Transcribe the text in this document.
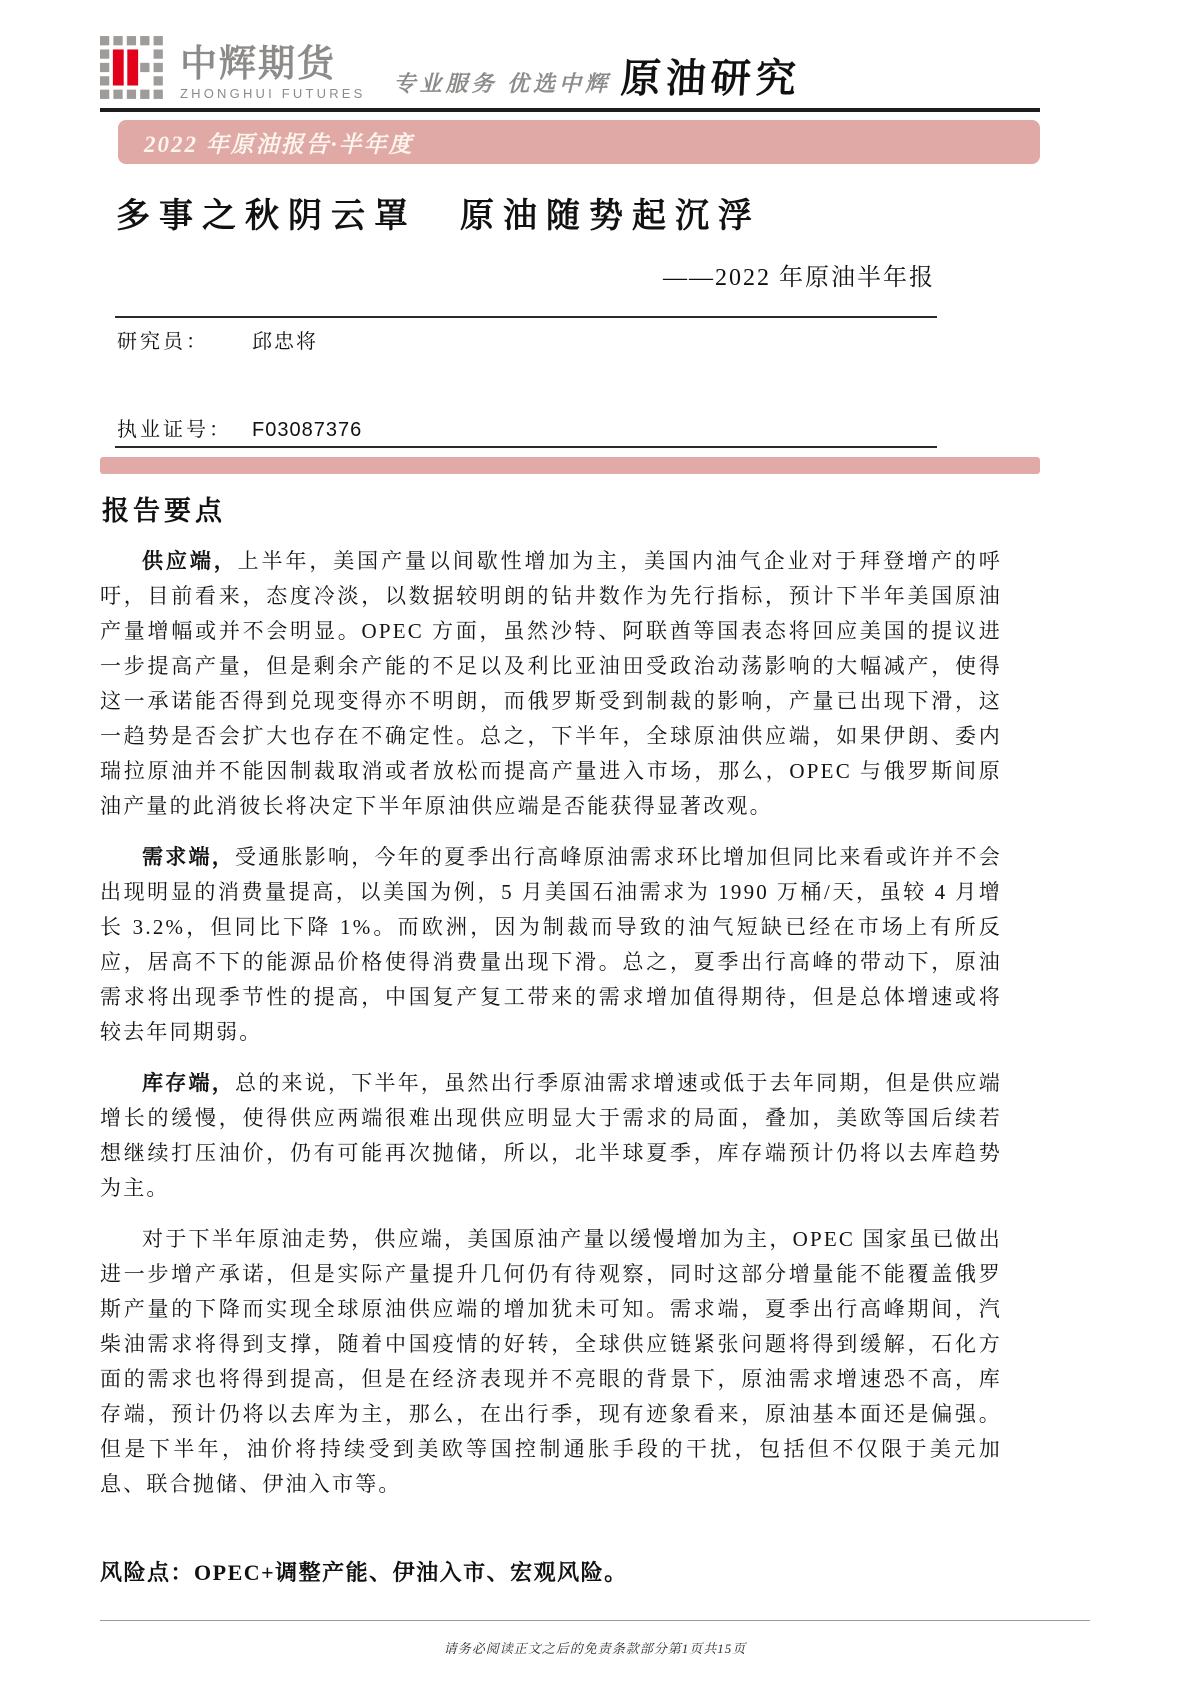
中辉期货
ZHONGHUI FUTURES 专业服务 优选中辉 原油研究
2022 年原油报告·半年度
多事之秋阴云罩　原油随势起沉浮
——2022 年原油半年报
研究员：	邱忠将
执业证号：	F03087376
报告要点

供应端，上半年，美国产量以间歇性增加为主，美国内油气企业对于拜登增产的呼吁，目前看来，态度冷淡，以数据较明朗的钻井数作为先行指标，预计下半年美国原油产量增幅或并不会明显。OPEC 方面，虽然沙特、阿联酋等国表态将回应美国的提议进一步提高产量，但是剩余产能的不足以及利比亚油田受政治动荡影响的大幅减产，使得这一承诺能否得到兑现变得亦不明朗，而俄罗斯受到制裁的影响，产量已出现下滑，这一趋势是否会扩大也存在不确定性。总之，下半年，全球原油供应端，如果伊朗、委内瑞拉原油并不能因制裁取消或者放松而提高产量进入市场，那么，OPEC 与俄罗斯间原油产量的此消彼长将决定下半年原油供应端是否能获得显著改观。

需求端，受通胀影响，今年的夏季出行高峰原油需求环比增加但同比来看或许并不会出现明显的消费量提高，以美国为例，5 月美国石油需求为 1990 万桶/天，虽较 4 月增长 3.2%，但同比下降 1%。而欧洲，因为制裁而导致的油气短缺已经在市场上有所反应，居高不下的能源品价格使得消费量出现下滑。总之，夏季出行高峰的带动下，原油需求将出现季节性的提高，中国复产复工带来的需求增加值得期待，但是总体增速或将较去年同期弱。

库存端，总的来说，下半年，虽然出行季原油需求增速或低于去年同期，但是供应端增长的缓慢，使得供应两端很难出现供应明显大于需求的局面，叠加，美欧等国后续若想继续打压油价，仍有可能再次抛储，所以，北半球夏季，库存端预计仍将以去库趋势为主。

对于下半年原油走势，供应端，美国原油产量以缓慢增加为主，OPEC 国家虽已做出进一步增产承诺，但是实际产量提升几何仍有待观察，同时这部分增量能不能覆盖俄罗斯产量的下降而实现全球原油供应端的增加犹未可知。需求端，夏季出行高峰期间，汽柴油需求将得到支撑，随着中国疫情的好转，全球供应链紧张问题将得到缓解，石化方面的需求也将得到提高，但是在经济表现并不亮眼的背景下，原油需求增速恐不高，库存端，预计仍将以去库为主，那么，在出行季，现有迹象看来，原油基本面还是偏强。但是下半年，油价将持续受到美欧等国控制通胀手段的干扰，包括但不仅限于美元加息、联合抛储、伊油入市等。

风险点：OPEC+调整产能、伊油入市、宏观风险。

请务必阅读正文之后的免责条款部分第1页共15页
